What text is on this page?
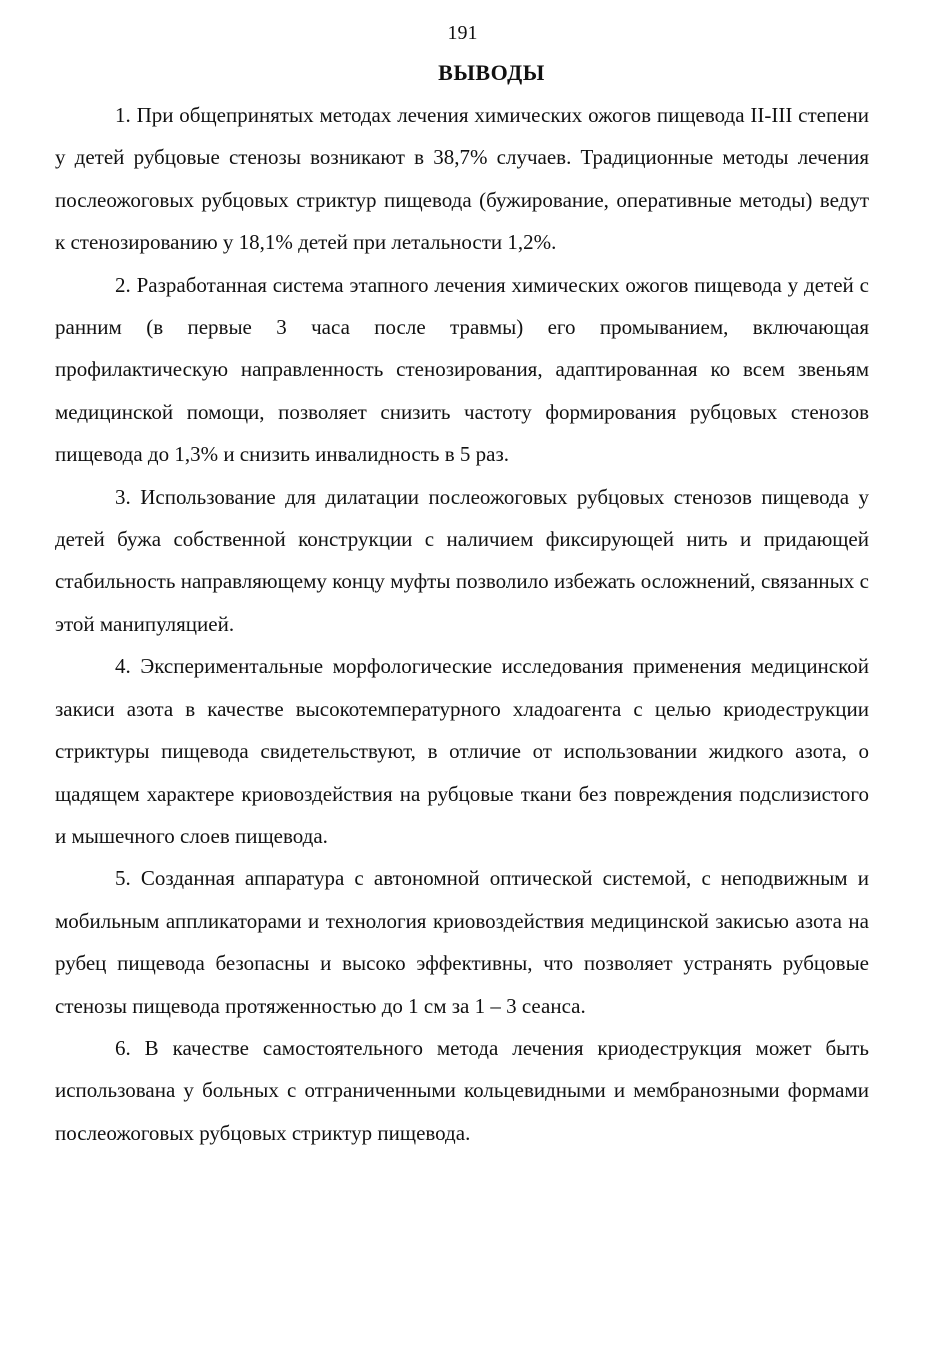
191
ВЫВОДЫ

1. При общепринятых методах лечения химических ожогов пищевода II-III степени у детей рубцовые стенозы возникают в 38,7% случаев. Традиционные методы лечения послеожоговых рубцовых стриктур пищевода (бужирование, оперативные методы) ведут к стенозированию у 18,1% детей при летальности 1,2%.

2. Разработанная система этапного лечения химических ожогов пищевода у детей с ранним (в первые 3 часа после травмы) его промыванием, включающая профилактическую направленность стенозирования, адаптированная ко всем звеньям медицинской помощи, позволяет снизить частоту формирования рубцовых стенозов пищевода до 1,3% и снизить инвалидность в 5 раз.

3. Использование для дилатации послеожоговых рубцовых стенозов пищевода у детей бужа собственной конструкции с наличием фиксирующей нить и придающей стабильность направляющему концу муфты позволило избежать осложнений, связанных с этой манипуляцией.

4. Экспериментальные морфологические исследования применения медицинской закиси азота в качестве высокотемпературного хладоагента с целью криодеструкции стриктуры пищевода свидетельствуют, в отличие от использовании жидкого азота, о щадящем характере криовоздействия на рубцовые ткани без повреждения подслизистого и мышечного слоев пищевода.

5. Созданная аппаратура с автономной оптической системой, с неподвижным и мобильным аппликаторами и технология криовоздействия медицинской закисью азота на рубец пищевода безопасны и высоко эффективны, что позволяет устранять рубцовые стенозы пищевода протяженностью до 1 см за 1 – 3 сеанса.

6. В качестве самостоятельного метода лечения криодеструкция может быть использована у больных с отграниченными кольцевидными и мембранозными формами послеожоговых рубцовых стриктур пищевода.
